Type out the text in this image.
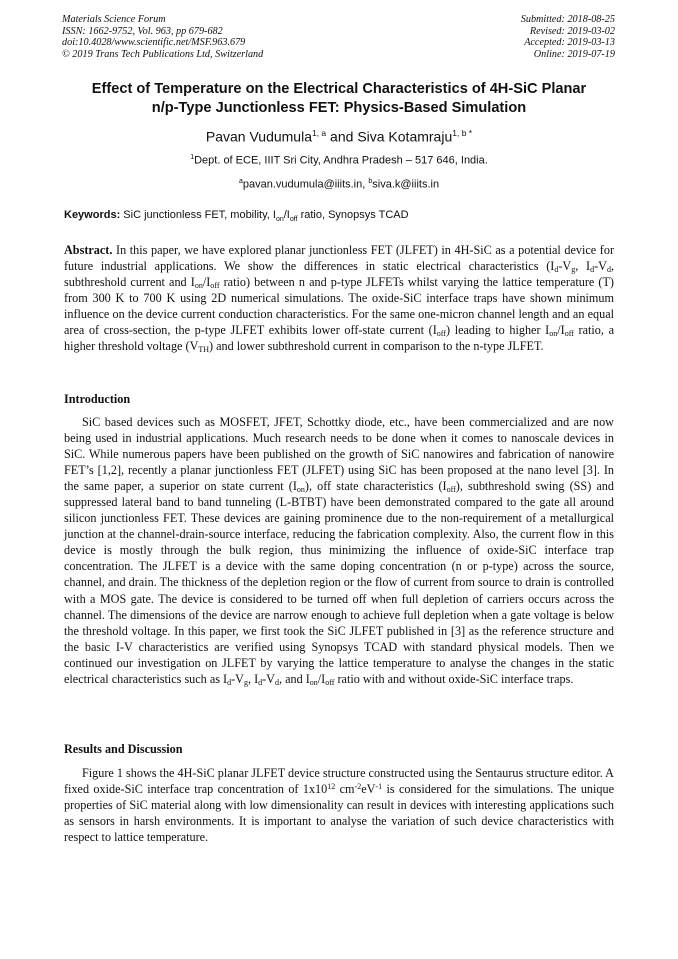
Materials Science Forum
ISSN: 1662-9752, Vol. 963, pp 679-682
doi:10.4028/www.scientific.net/MSF.963.679
© 2019 Trans Tech Publications Ltd, Switzerland
Submitted: 2018-08-25
Revised: 2019-03-02
Accepted: 2019-03-13
Online: 2019-07-19
Effect of Temperature on the Electrical Characteristics of 4H-SiC Planar
n/p-Type Junctionless FET: Physics-Based Simulation
Pavan Vudumula$^{1, a}$ and Siva Kotamraju$^{1, b *}$
$^1$Dept. of ECE, IIIT Sri City, Andhra Pradesh – 517 646, India.
$^a$pavan.vudumula@iiits.in, $^b$siva.k@iiits.in
Keywords: SiC junctionless FET, mobility, $I_{on}/I_{off}$ ratio, Synopsys TCAD
Abstract. In this paper, we have explored planar junctionless FET (JLFET) in 4H-SiC as a potential device for future industrial applications. We show the differences in static electrical characteristics ($I_d-V_g$, $I_d-V_d$, subthreshold current and $I_{on}/I_{off}$ ratio) between n and p-type JLFETs whilst varying the lattice temperature (T) from 300 K to 700 K using 2D numerical simulations. The oxide-SiC interface traps have shown minimum influence on the device current conduction characteristics. For the same one-micron channel length and an equal area of cross-section, the p-type JLFET exhibits lower off-state current $(I_{off})$ leading to higher $I_{on}/I_{off}$ ratio, a higher threshold voltage $(V_{TH})$ and lower subthreshold current in comparison to the n-type JLFET.
Introduction
SiC based devices such as MOSFET, JFET, Schottky diode, etc., have been commercialized and are now being used in industrial applications. Much research needs to be done when it comes to nanoscale devices in SiC. While numerous papers have been published on the growth of SiC nanowires and fabrication of nanowire FET’s [1,2], recently a planar junctionless FET (JLFET) using SiC has been proposed at the nano level [3]. In the same paper, a superior on state current $(I_{on})$, off state characteristics $(I_{off})$, subthreshold swing (SS) and suppressed lateral band to band tunneling (L-BTBT) have been demonstrated compared to the gate all around silicon junctionless FET. These devices are gaining prominence due to the non-requirement of a metallurgical junction at the channel-drain-source interface, reducing the fabrication complexity. Also, the current flow in this device is mostly through the bulk region, thus minimizing the influence of oxide-SiC interface trap concentration. The JLFET is a device with the same doping concentration (n or p-type) across the source, channel, and drain. The thickness of the depletion region or the flow of current from source to drain is controlled with a MOS gate. The device is considered to be turned off when full depletion of carriers occurs across the channel. The dimensions of the device are narrow enough to achieve full depletion when a gate voltage is below the threshold voltage. In this paper, we first took the SiC JLFET published in [3] as the reference structure and the basic I-V characteristics are verified using Synopsys TCAD with standard physical models. Then we continued our investigation on JLFET by varying the lattice temperature to analyse the changes in the static electrical characteristics such as $I_d-V_g$, $I_d-V_d$, and $I_{on}/I_{off}$ ratio with and without oxide-SiC interface traps.
Results and Discussion
Figure 1 shows the 4H-SiC planar JLFET device structure constructed using the Sentaurus structure editor. A fixed oxide-SiC interface trap concentration of $1x10^{12}$ $cm^{-2}eV^{-1}$ is considered for the simulations. The unique properties of SiC material along with low dimensionality can result in devices with interesting applications such as sensors in harsh environments. It is important to analyse the variation of such device characteristics with respect to lattice temperature.
